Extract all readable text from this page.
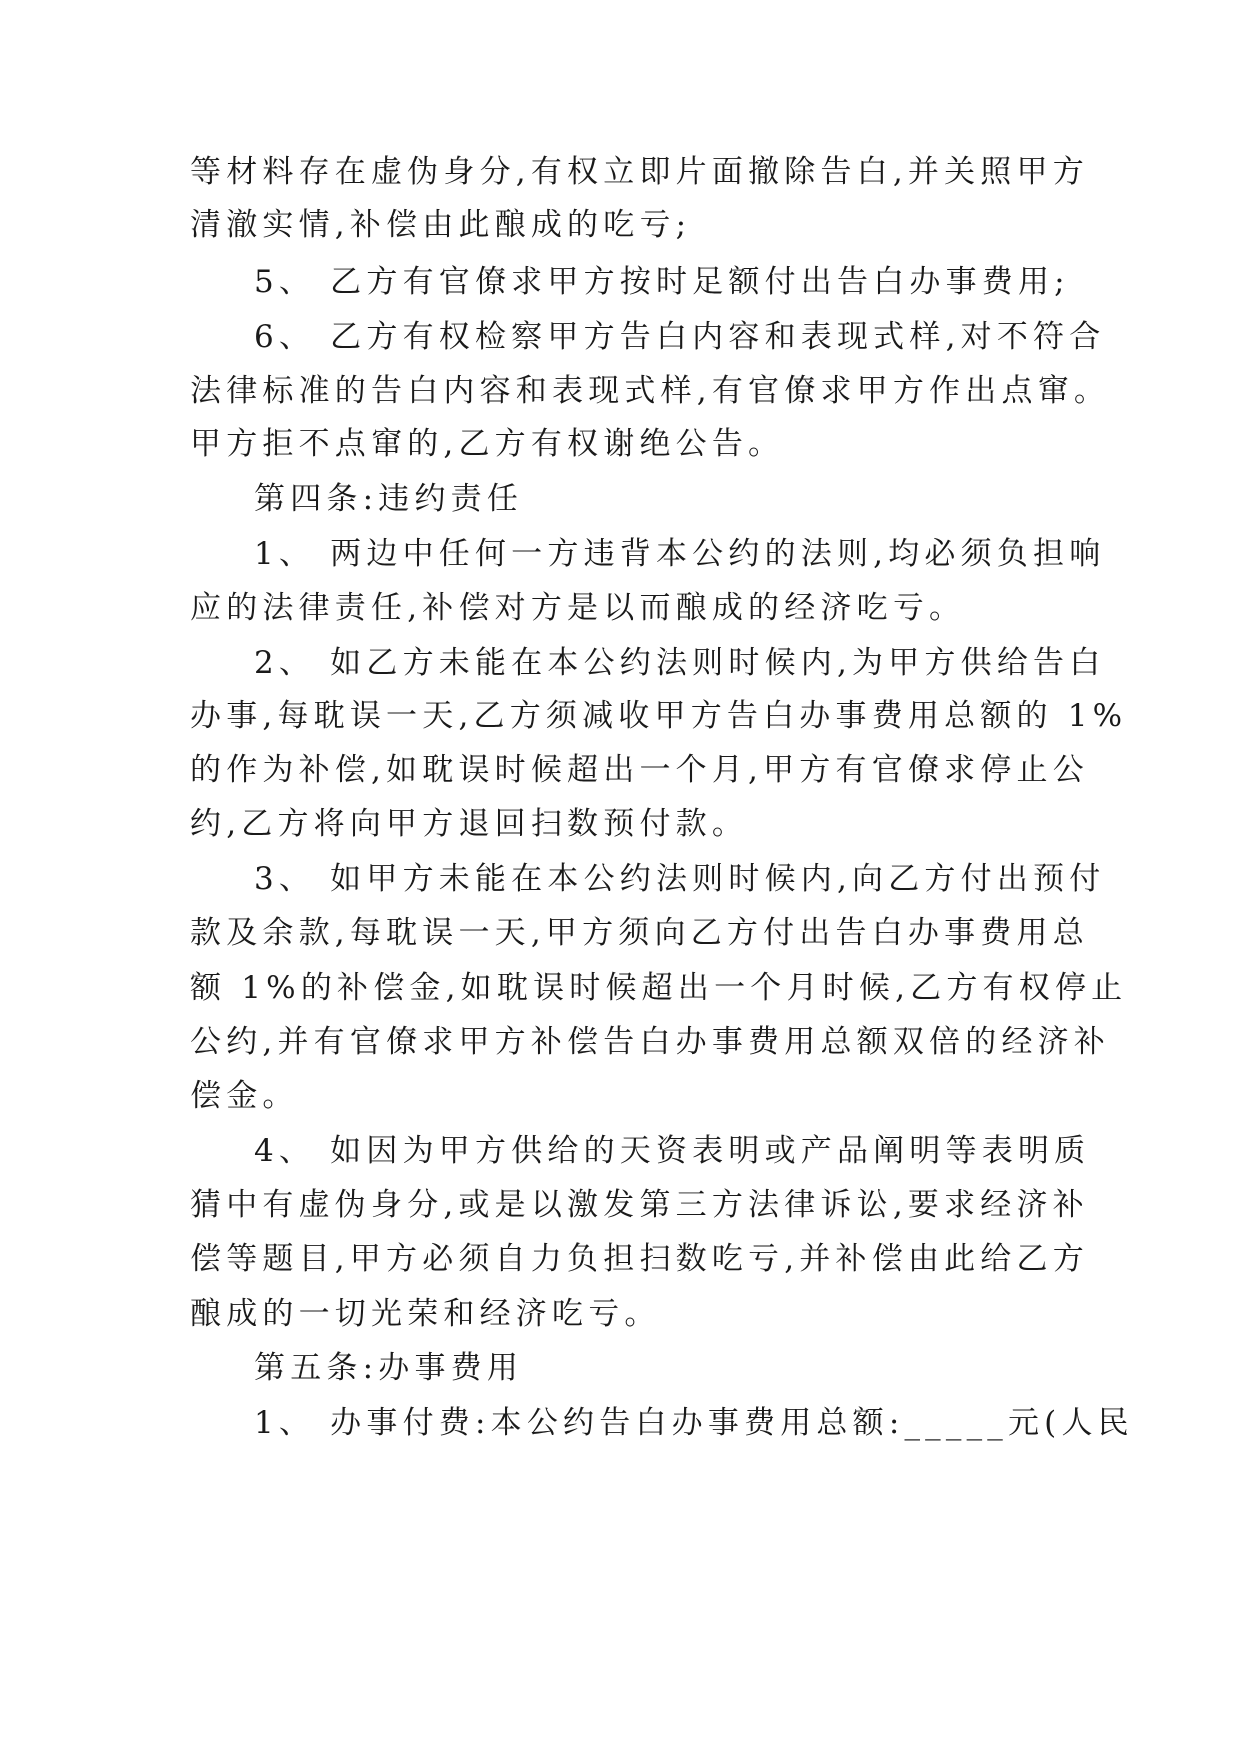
等材料存在虚伪身分,有权立即片面撤除告白,并关照甲方
清澈实情,补偿由此酿成的吃亏;
5、 乙方有官僚求甲方按时足额付出告白办事费用;
6、 乙方有权检察甲方告白内容和表现式样,对不符合
法律标准的告白内容和表现式样,有官僚求甲方作出点窜。
甲方拒不点窜的,乙方有权谢绝公告。
第四条:违约责任
1、 两边中任何一方违背本公约的法则,均必须负担响
应的法律责任,补偿对方是以而酿成的经济吃亏。
2、 如乙方未能在本公约法则时候内,为甲方供给告白
办事,每耽误一天,乙方须减收甲方告白办事费用总额的 1%
的作为补偿,如耽误时候超出一个月,甲方有官僚求停止公
约,乙方将向甲方退回扫数预付款。
3、 如甲方未能在本公约法则时候内,向乙方付出预付
款及余款,每耽误一天,甲方须向乙方付出告白办事费用总
额 1%的补偿金,如耽误时候超出一个月时候,乙方有权停止
公约,并有官僚求甲方补偿告白办事费用总额双倍的经济补
偿金。
4、 如因为甲方供给的天资表明或产品阐明等表明质
猜中有虚伪身分,或是以激发第三方法律诉讼,要求经济补
偿等题目,甲方必须自力负担扫数吃亏,并补偿由此给乙方
酿成的一切光荣和经济吃亏。
第五条:办事费用
1、 办事付费:本公约告白办事费用总额:_____元(人民
